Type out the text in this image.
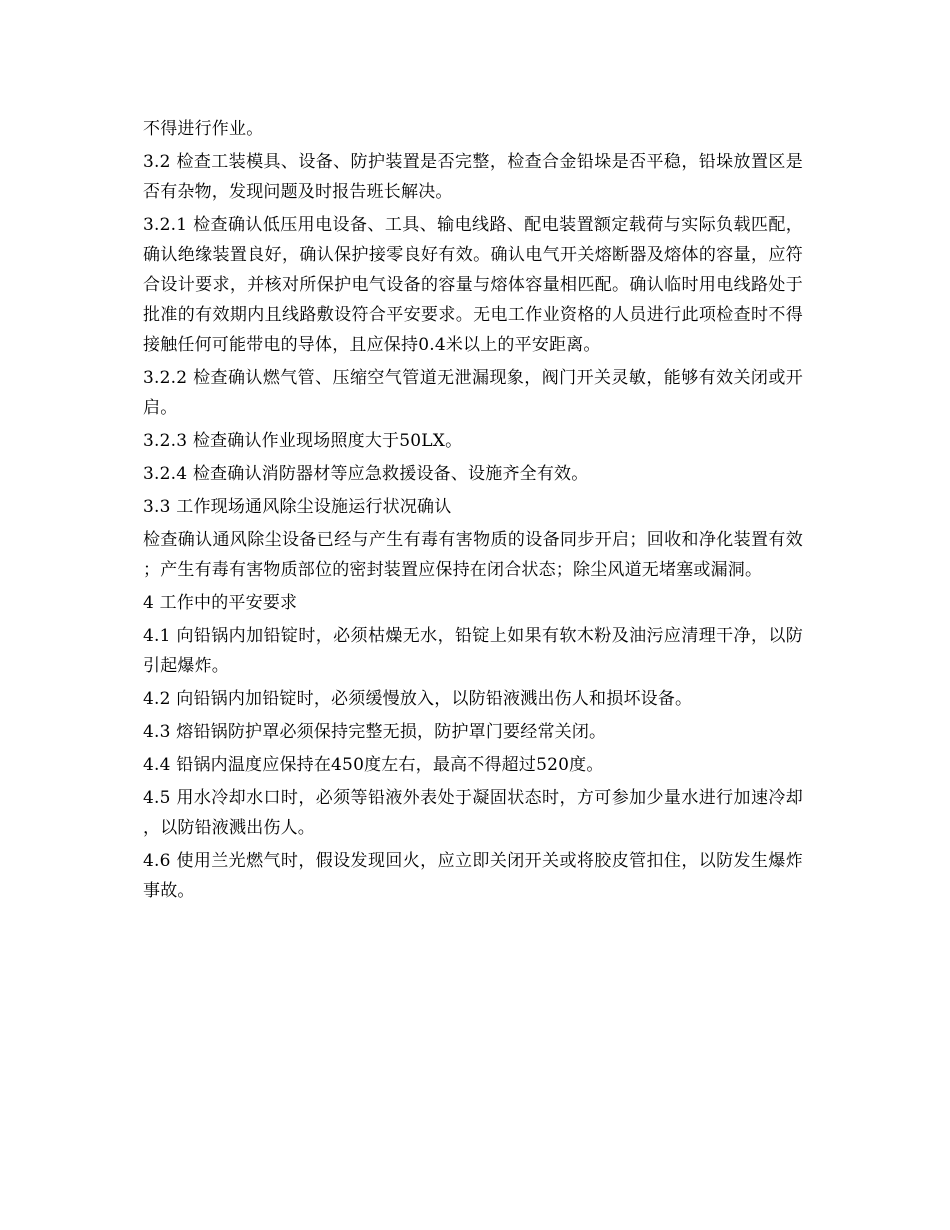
不得进行作业。

3.2 检查工装模具、设备、防护装置是否完整，检查合金铅垛是否平稳，铅垛放置区是否有杂物，发现问题及时报告班长解决。

3.2.1 检查确认低压用电设备、工具、输电线路、配电装置额定载荷与实际负载匹配，确认绝缘装置良好，确认保护接零良好有效。确认电气开关熔断器及熔体的容量，应符合设计要求，并核对所保护电气设备的容量与熔体容量相匹配。确认临时用电线路处于批准的有效期内且线路敷设符合平安要求。无电工作业资格的人员进行此项检查时不得接触任何可能带电的导体，且应保持0.4米以上的平安距离。

3.2.2 检查确认燃气管、压缩空气管道无泄漏现象，阀门开关灵敏，能够有效关闭或开启。

3.2.3 检查确认作业现场照度大于50LX。

3.2.4 检查确认消防器材等应急救援设备、设施齐全有效。

3.3 工作现场通风除尘设施运行状况确认

检查确认通风除尘设备已经与产生有毒有害物质的设备同步开启；回收和净化装置有效；产生有毒有害物质部位的密封装置应保持在闭合状态；除尘风道无堵塞或漏洞。

4 工作中的平安要求

4.1 向铅锅内加铅锭时，必须枯燥无水，铅锭上如果有软木粉及油污应清理干净，以防引起爆炸。

4.2 向铅锅内加铅锭时，必须缓慢放入，以防铅液溅出伤人和损坏设备。

4.3 熔铅锅防护罩必须保持完整无损，防护罩门要经常关闭。

4.4 铅锅内温度应保持在450度左右，最高不得超过520度。

4.5 用水冷却水口时，必须等铅液外表处于凝固状态时，方可参加少量水进行加速冷却，以防铅液溅出伤人。

4.6 使用兰光燃气时，假设发现回火，应立即关闭开关或将胶皮管扣住，以防发生爆炸事故。
